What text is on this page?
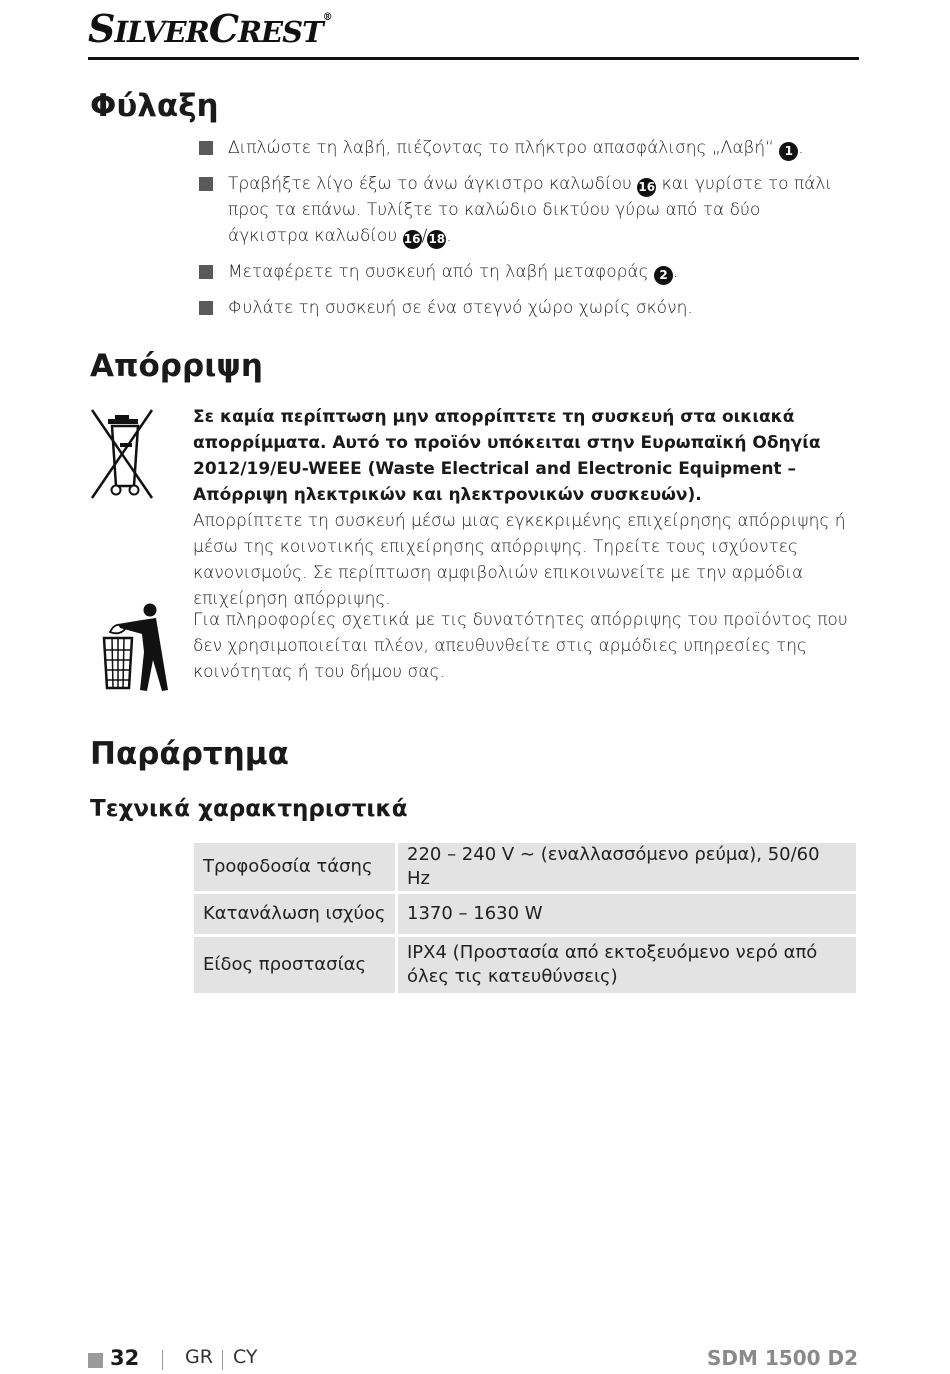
SILVERCREST®
Φύλαξη
Διπλώστε τη λαβή, πιέζοντας το πλήκτρο απασφάλισης „Λαβή“ 1 .
Τραβήξτε λίγο έξω το άνω άγκιστρο καλωδίου 16 και γυρίστε το πάλι προς τα επάνω. Τυλίξτε το καλώδιο δικτύου γύρω από τα δύο άγκιστρα καλωδίου 16/18.
Μεταφέρετε τη συσκευή από τη λαβή μεταφοράς 2 .
Φυλάτε τη συσκευή σε ένα στεγνό χώρο χωρίς σκόνη.
Απόρριψη
Σε καμία περίπτωση μην απορρίπτετε τη συσκευή στα οικιακά απορρίμματα. Αυτό το προϊόν υπόκειται στην Ευρωπαϊκή Οδηγία 2012/19/EU-WEEE (Waste Electrical and Electronic Equipment – Απόρριψη ηλεκτρικών και ηλεκτρονικών συσκευών).
Απορρίπτετε τη συσκευή μέσω μιας εγκεκριμένης επιχείρησης απόρριψης ή μέσω της κοινοτικής επιχείρησης απόρριψης. Τηρείτε τους ισχύοντες κανονισμούς. Σε περίπτωση αμφιβολιών επικοινωνείτε με την αρμόδια επιχείρηση απόρριψης.
Για πληροφορίες σχετικά με τις δυνατότητες απόρριψης του προϊόντος που δεν χρησιμοποιείται πλέον, απευθυνθείτε στις αρμόδιες υπηρεσίες της κοινότητας ή του δήμου σας.
Παράρτημα
Τεχνικά χαρακτηριστικά
Τροφοδοσία τάσης	220 – 240 V ∼ (εναλλασσόμενο ρεύμα), 50/60 Hz
Κατανάλωση ισχύος	1370 – 1630 W
Είδος προστασίας	IPX4 (Προστασία από εκτοξευόμενο νερό από όλες τις κατευθύνσεις)
32 GR CY	SDM 1500 D2
